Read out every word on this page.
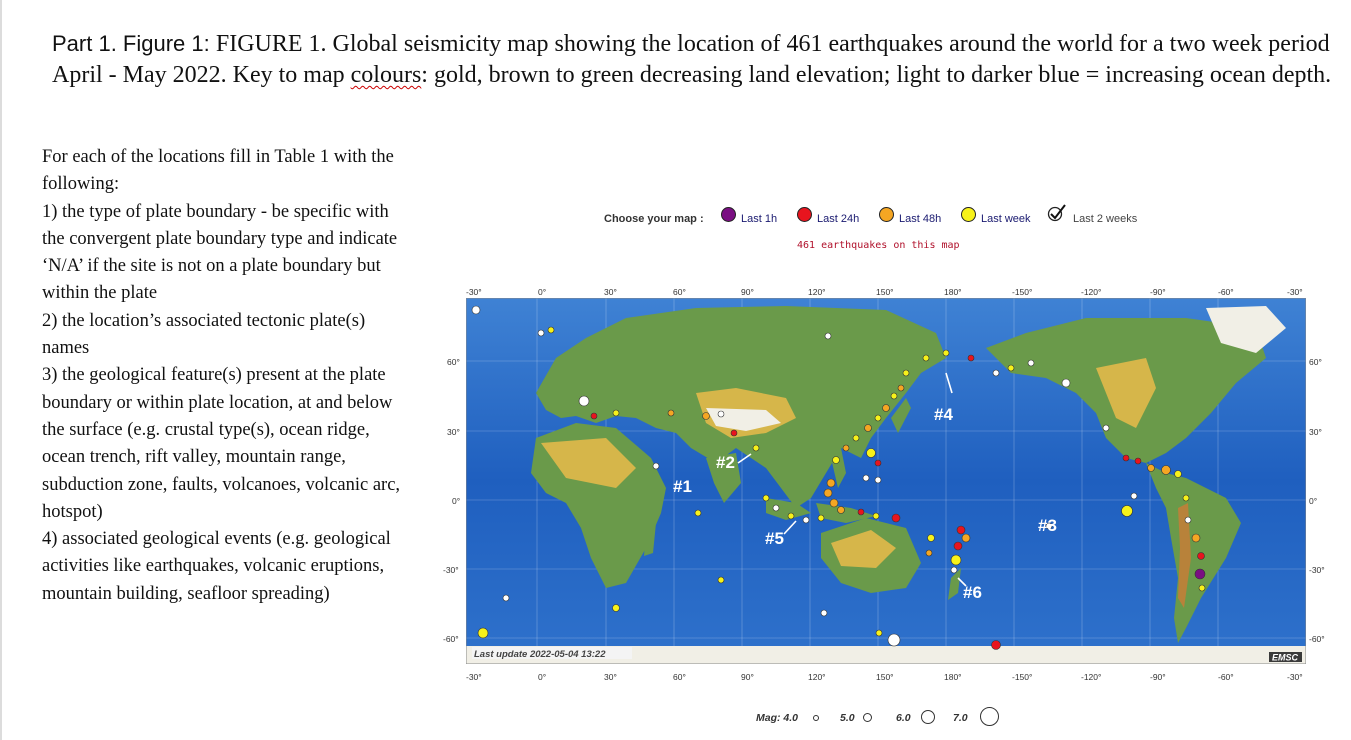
Part 1. Figure 1: FIGURE 1. Global seismicity map showing the location of 461 earthquakes around the world for a two week period April - May 2022. Key to map colours: gold, brown to green decreasing land elevation; light to darker blue = increasing ocean depth.
For each of the locations fill in Table 1 with the following:
1) the type of plate boundary - be specific with the convergent plate boundary type and indicate ‘N/A’ if the site is not on a plate boundary but within the plate
2) the location’s associated tectonic plate(s) names
3) the geological feature(s) present at the plate boundary or within plate location, at and below the surface (e.g. crustal type(s), ocean ridge, ocean trench, rift valley, mountain range, subduction zone, faults, volcanoes, volcanic arc, hotspot)
4) associated geological events (e.g. geological activities like earthquakes, volcanic eruptions, mountain building, seafloor spreading)
Choose your map :	Last 1h	Last 24h	Last 48h	Last week	Last 2 weeks
461 earthquakes on this map
-30°	0°	30°	60°	90°	120°	150°	180°	-150°	-120°	-90°	-60°	-30°
-30°	0°	30°	60°	90°	120°	150°	180°	-150°	-120°	-90°	-60°	-30°
60°
30°
0°
-30°
-60°
60°
30°
0°
-30°
-60°
#1
#2
#3
#4
#5
#6
Last update 2022-05-04 13:22	EMSC
Mag: 4.0	5.0	6.0	7.0
